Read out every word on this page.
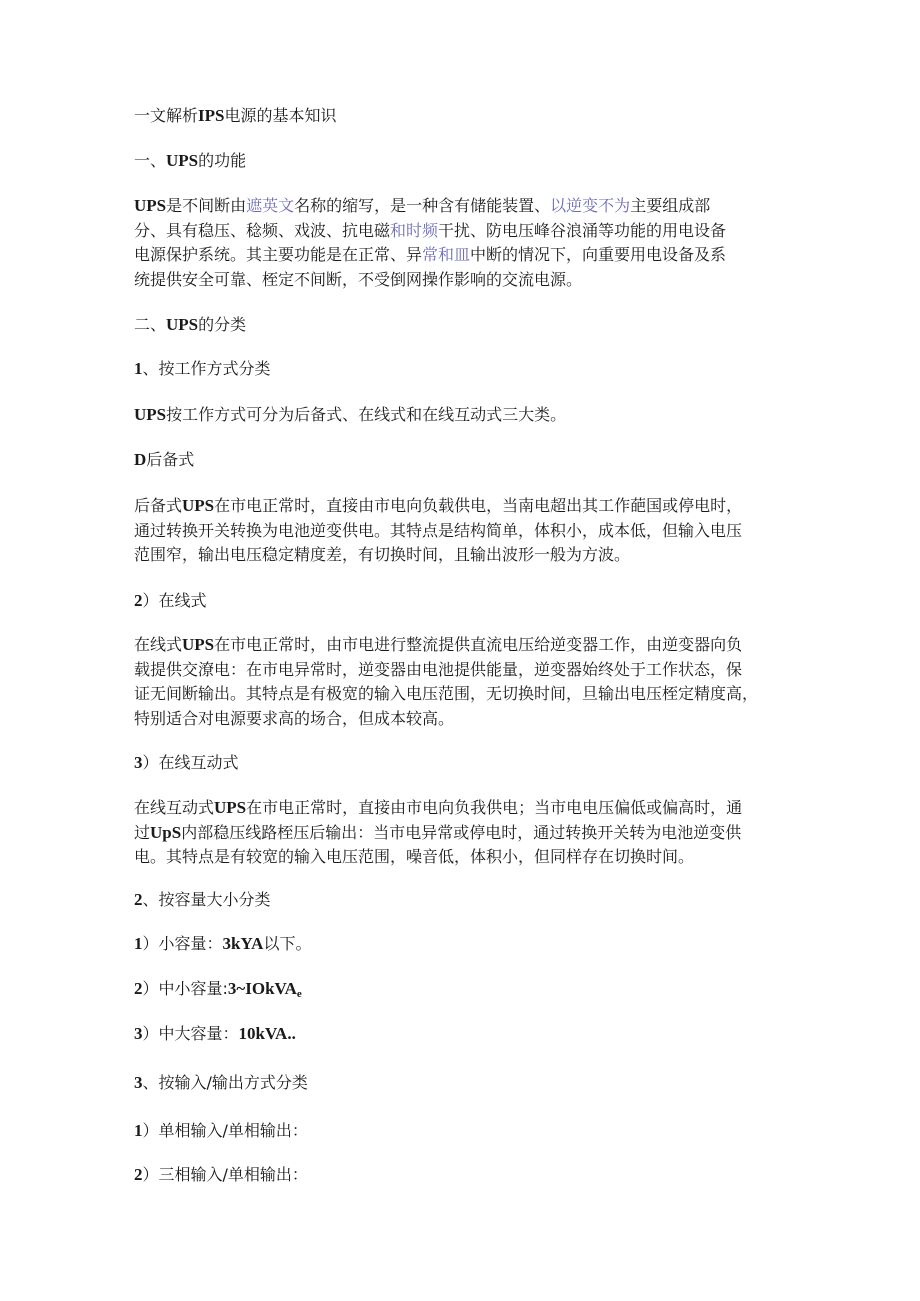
一文解析IPS电源的基本知识

一、UPS的功能

UPS是不间断由遮英文名称的缩写，是一种含有储能装置、以逆变不为主要组成部
分、具有稳压、稔频、戏波、抗电磁和时频干扰、防电压峰谷浪涌等功能的用电设备
电源保护系统。其主要功能是在正常、异常和皿中断的情况下，向重要用电设备及系
统提供安全可靠、桎定不间断，不受倒网操作影响的交流电源。

二、UPS的分类

1、按工作方式分类

UPS按工作方式可分为后备式、在线式和在线互动式三大类。

D后备式

后备式UPS在市电正常时，直接由市电向负载供电，当南电超出其工作葩国或停电时，
通过转换开关转换为电池逆变供电。其特点是结构简单，体积小，成本低，但输入电压
范围窄，输出电压稳定精度差，有切换时间，且输出波形一般为方波。

2）在线式

在线式UPS在市电正常时，由市电进行整流提供直流电压给逆变器工作，由逆变器向负
载提供交潦电：在市电异常时，逆变器由电池提供能量，逆变器始终处于工作状态，保
证无间断输出。其特点是有极宽的输入电压范围，无切换时间，旦输出电压桎定精度高，
特别适合对电源要求高的场合，但成本较高。

3）在线互动式

在线互动式UPS在市电正常时，直接由市电向负我供电；当市电电压偏低或偏高时，通
过UpS内部稳压线路桎压后输出：当市电异常或停电时，通过转换开关转为电池逆变供
电。其特点是有较宽的输入电压范围，噪音低，体积小，但同样存在切换时间。

2、按容量大小分类

1）小容量：3kYA以下。

2）中小容量:3~IOkVAe

3）中大容量：10kVA..

3、按输入/输出方式分类

1）单相输入/单相输出：

2）三相输入/单相输出：
